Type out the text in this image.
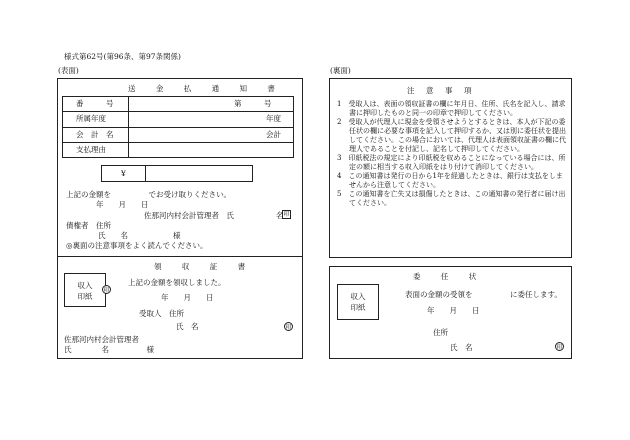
様式第62号(第96条、第97条関係)
(表面)	(裏面)
送 金 払 通 知 書
番　　　号	第　　　号
所属年度	年度
会　計　名	会計
支払理由
¥
上記の金額を　　　　　でお受け取りください。
年　　月　　日
佐那河内村会計管理者　氏	名 印
債権者　住所
氏　　名　　　　　　様
◎裏面の注意事項をよく読んでください。
領 収 証 書
収入
印紙
印
上記の金額を領収しました。
年　　月　　日
受取人　住所
氏　名	印
佐那河内村会計管理者
氏　　　　名　　　　　様
注　意　事　項

1　受取人は、表面の領収証書の欄に年月日、住所、氏名を記入し、請求書に押印したものと同一の印章で押印してください。

2　受取人が代理人に現金を受領させようとするときは、本人が下記の委任状の欄に必要な事項を記入して押印するか、又は別に委任状を提出してください。この場合においては、代理人は表面領収証書の欄に代理人であることを付記し、記名して押印してください。

3　印紙税法の規定により印紙税を収めることになっている場合には、所定の額に相当する収入印紙をはり付けて消印してください。

4　この通知書は発行の日から1年を経過したときは、銀行は支払をしませんから注意してください。

5　この通知書を亡失又は損傷したときは、この通知書の発行者に届け出てください。

委 任 状
収入
印紙
表面の金額の受領を　　　　　に委任します。
年　　月　　日
住所
氏　名	印
